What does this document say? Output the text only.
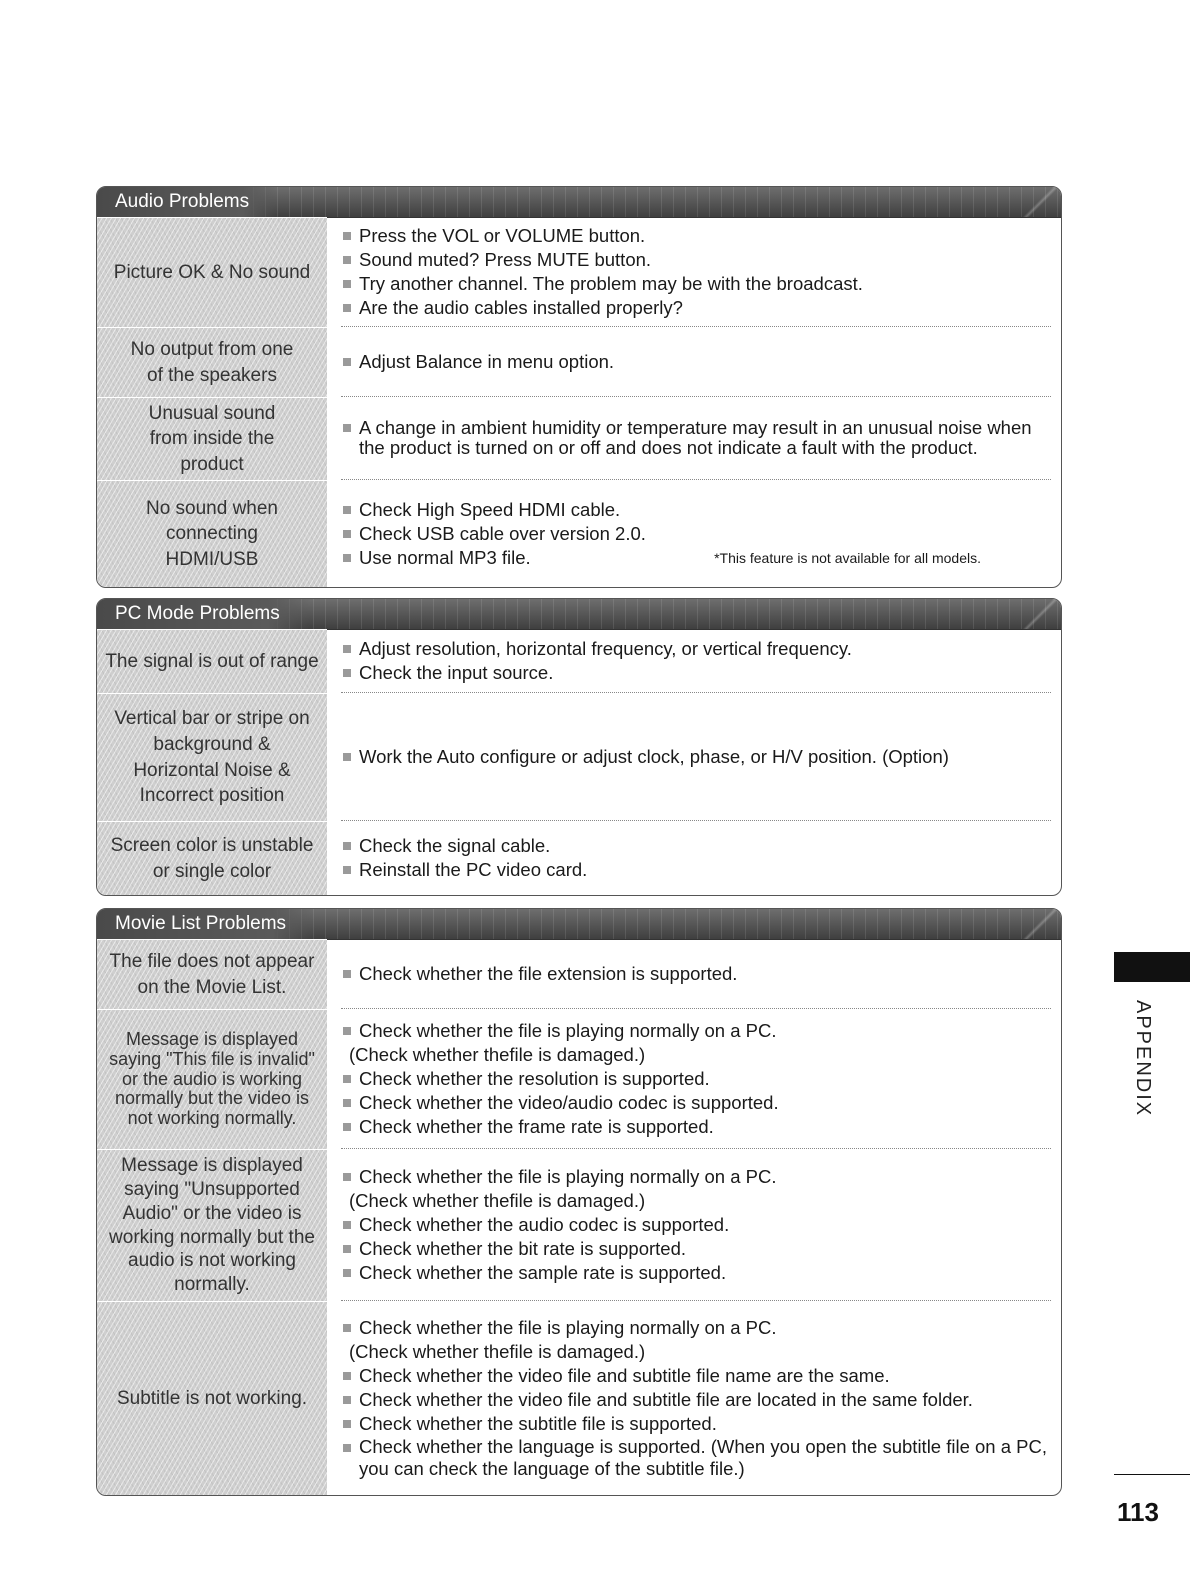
Audio Problems
Picture OK & No sound
Press the VOL or VOLUME button.
Sound muted? Press MUTE button.
Try another channel. The problem may be with the broadcast.
Are the audio cables installed properly?
No output from one of the speakers
Adjust Balance in menu option.
Unusual sound from inside the product
A change in ambient humidity or temperature may result in an unusual noise when the product is turned on or off and does not indicate a fault with the product.
No sound when connecting HDMI/USB
Check High Speed HDMI cable.
Check USB cable over version 2.0.
Use normal MP3 file.	*This feature is not available for all models.
PC Mode Problems
The signal is out of range
Adjust resolution, horizontal frequency, or vertical frequency.
Check the input source.
Vertical bar or stripe on background & Horizontal Noise & Incorrect position
Work the Auto configure or adjust clock, phase, or H/V position. (Option)
Screen color is unstable or single color
Check the signal cable.
Reinstall the PC video card.
Movie List Problems
The file does not appear on the Movie List.
Check whether the file extension is supported.
Message is displayed saying "This file is invalid" or the audio is working normally but the video is not working normally.
Check whether the file is playing normally on a PC.
(Check whether thefile is damaged.)
Check whether the resolution is supported.
Check whether the video/audio codec is supported.
Check whether the frame rate is supported.
Message is displayed saying "Unsupported Audio" or the video is working normally but the audio is not working normally.
Check whether the file is playing normally on a PC.
(Check whether thefile is damaged.)
Check whether the audio codec is supported.
Check whether the bit rate is supported.
Check whether the sample rate is supported.
Subtitle is not working.
Check whether the file is playing normally on a PC.
(Check whether thefile is damaged.)
Check whether the video file and subtitle file name are the same.
Check whether the video file and subtitle file are located in the same folder.
Check whether the subtitle file is supported.
Check whether the language is supported. (When you open the subtitle file on a PC, you can check the language of the subtitle file.)
APPENDIX
113
